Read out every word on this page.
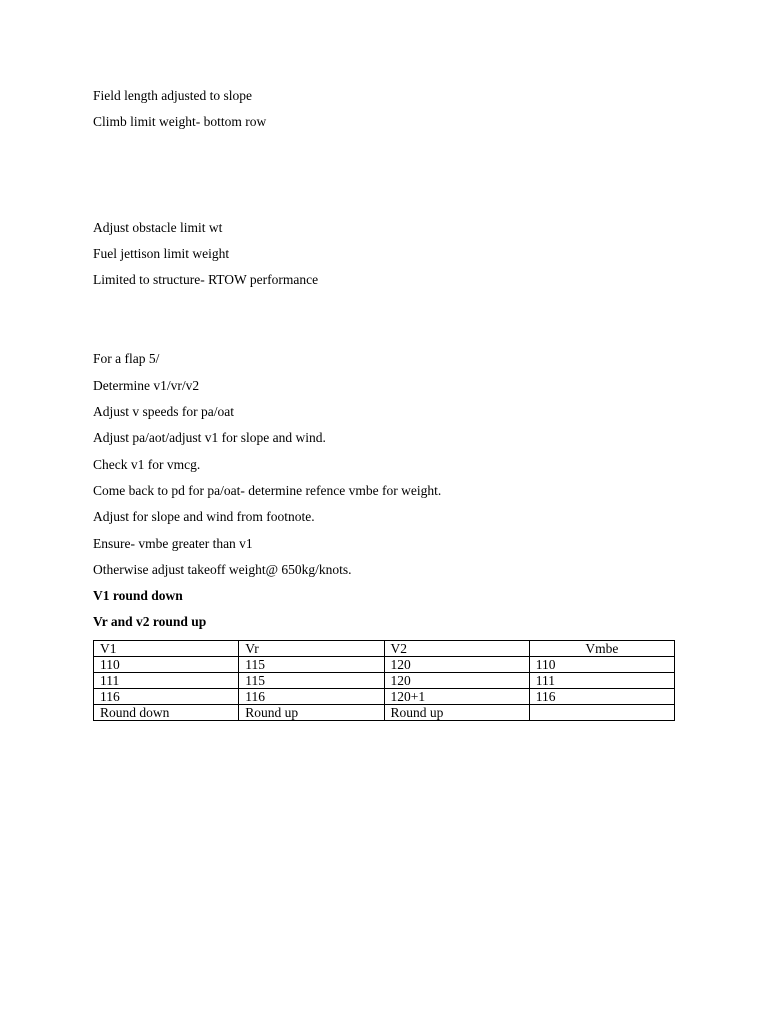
Field length adjusted to slope
Climb limit weight- bottom row
Adjust obstacle limit wt
Fuel jettison limit weight
Limited to structure- RTOW performance
For a flap 5/
Determine v1/vr/v2
Adjust v speeds for pa/oat
Adjust pa/aot/adjust v1 for slope and wind.
Check v1 for vmcg.
Come back to pd for pa/oat- determine refence vmbe for weight.
Adjust for slope and wind from footnote.
Ensure- vmbe greater than v1
Otherwise adjust takeoff weight@ 650kg/knots.
V1 round down
Vr and v2 round up
V1	Vr	V2	Vmbe
110	115	120	110
111	115	120	111
116	116	120+1	116
Round down	Round up	Round up	
